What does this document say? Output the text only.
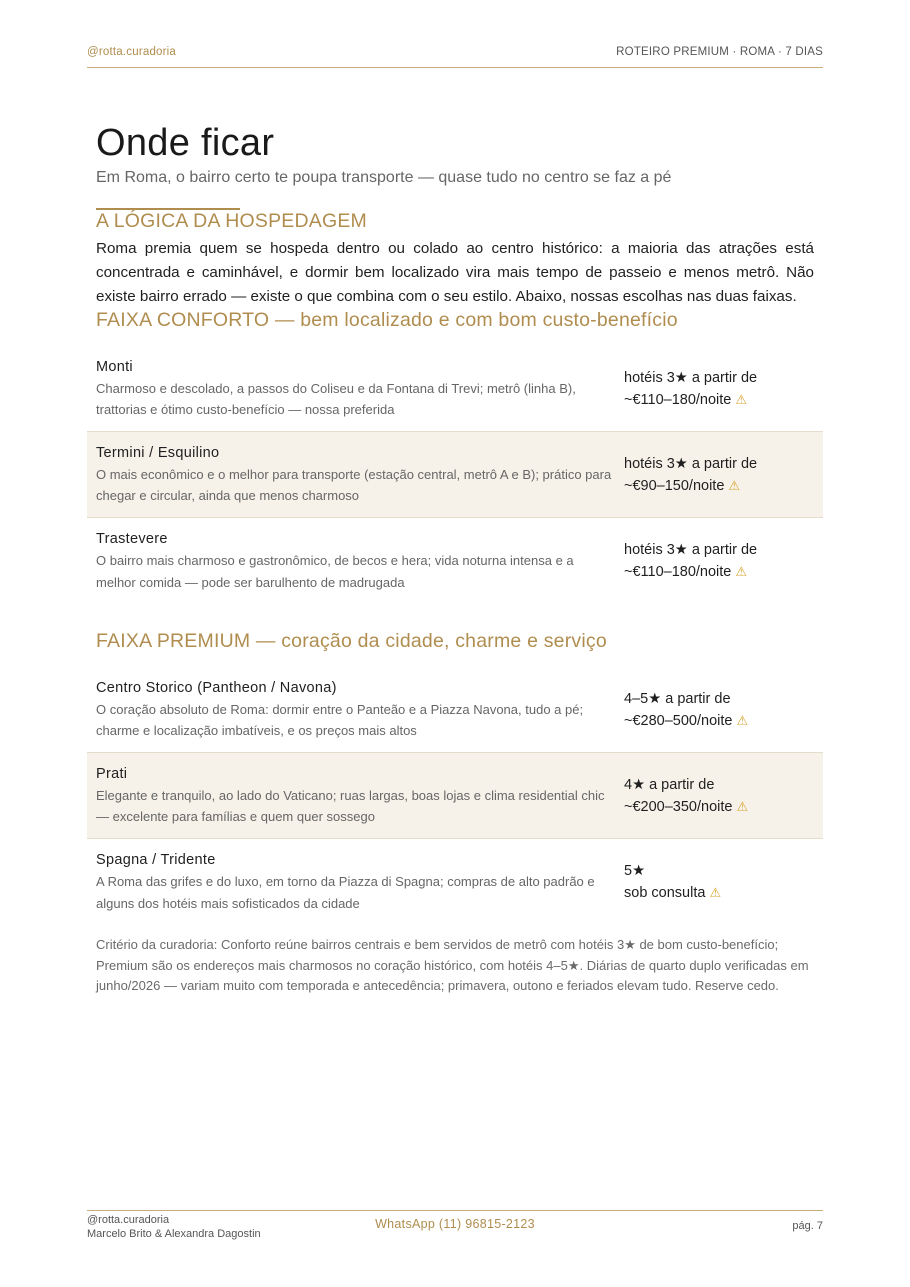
@rotta.curadoria	ROTEIRO PREMIUM · ROMA · 7 DIAS
Onde ficar
Em Roma, o bairro certo te poupa transporte — quase tudo no centro se faz a pé
A LÓGICA DA HOSPEDAGEM
Roma premia quem se hospeda dentro ou colado ao centro histórico: a maioria das atrações está concentrada e caminhável, e dormir bem localizado vira mais tempo de passeio e menos metrô. Não existe bairro errado — existe o que combina com o seu estilo. Abaixo, nossas escolhas nas duas faixas.
FAIXA CONFORTO — bem localizado e com bom custo-benefício
Monti
Charmoso e descolado, a passos do Coliseu e da Fontana di Trevi; metrô (linha B), trattorias e ótimo custo-benefício — nossa preferida
hotéis 3★ a partir de
~€110–180/noite ⚠
Termini / Esquilino
O mais econômico e o melhor para transporte (estação central, metrô A e B); prático para chegar e circular, ainda que menos charmoso
hotéis 3★ a partir de
~€90–150/noite ⚠
Trastevere
O bairro mais charmoso e gastronômico, de becos e hera; vida noturna intensa e a melhor comida — pode ser barulhento de madrugada
hotéis 3★ a partir de
~€110–180/noite ⚠
FAIXA PREMIUM — coração da cidade, charme e serviço
Centro Storico (Pantheon / Navona)
O coração absoluto de Roma: dormir entre o Panteão e a Piazza Navona, tudo a pé; charme e localização imbatíveis, e os preços mais altos
4–5★ a partir de
~€280–500/noite ⚠
Prati
Elegante e tranquilo, ao lado do Vaticano; ruas largas, boas lojas e clima residential chic — excelente para famílias e quem quer sossego
4★ a partir de
~€200–350/noite ⚠
Spagna / Tridente
A Roma das grifes e do luxo, em torno da Piazza di Spagna; compras de alto padrão e alguns dos hotéis mais sofisticados da cidade
5★
sob consulta ⚠
Critério da curadoria: Conforto reúne bairros centrais e bem servidos de metrô com hotéis 3★ de bom custo-benefício; Premium são os endereços mais charmosos no coração histórico, com hotéis 4–5★. Diárias de quarto duplo verificadas em junho/2026 — variam muito com temporada e antecedência; primavera, outono e feriados elevam tudo. Reserve cedo.
@rotta.curadoria
Marcelo Brito & Alexandra Dagostin
WhatsApp (11) 96815-2123	pág. 7
